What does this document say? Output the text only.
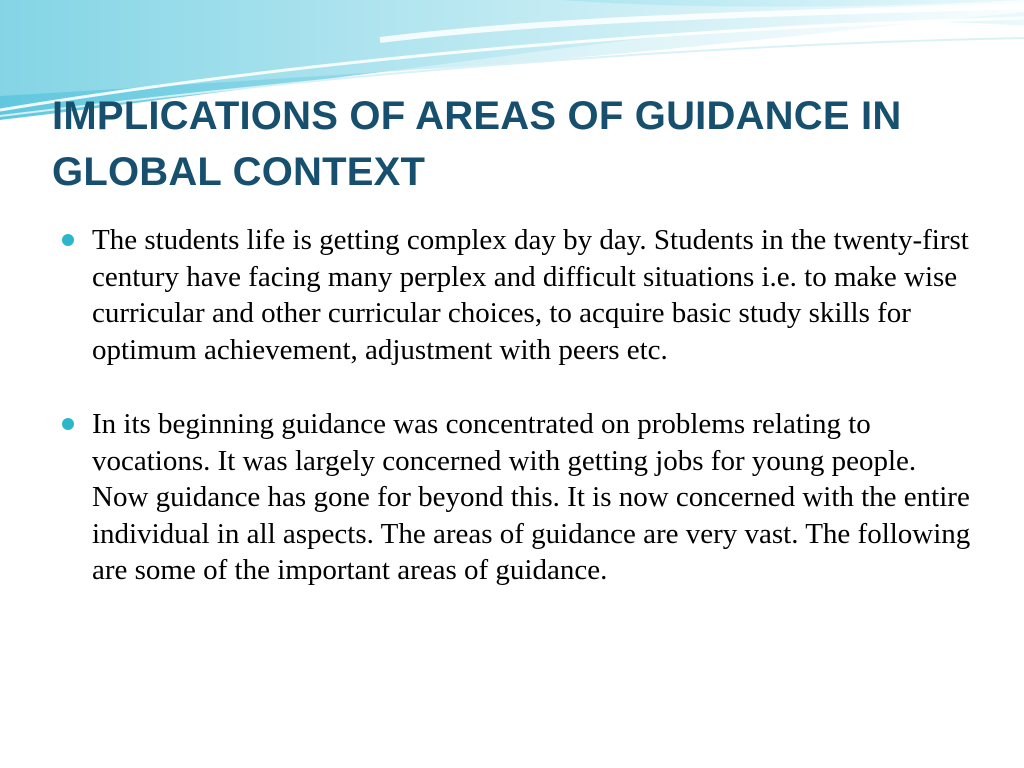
IMPLICATIONS OF AREAS OF GUIDANCE IN GLOBAL CONTEXT
The students life is getting complex day by day. Students in the twenty-first century have facing many perplex and difficult situations i.e. to make wise curricular and other curricular choices, to acquire basic study skills for optimum achievement, adjustment with peers etc.
In its beginning guidance was concentrated on problems relating to vocations. It was largely concerned with getting jobs for young people. Now guidance has gone for beyond this. It is now concerned with the entire individual in all aspects. The areas of guidance are very vast. The following are some of the important areas of guidance.
